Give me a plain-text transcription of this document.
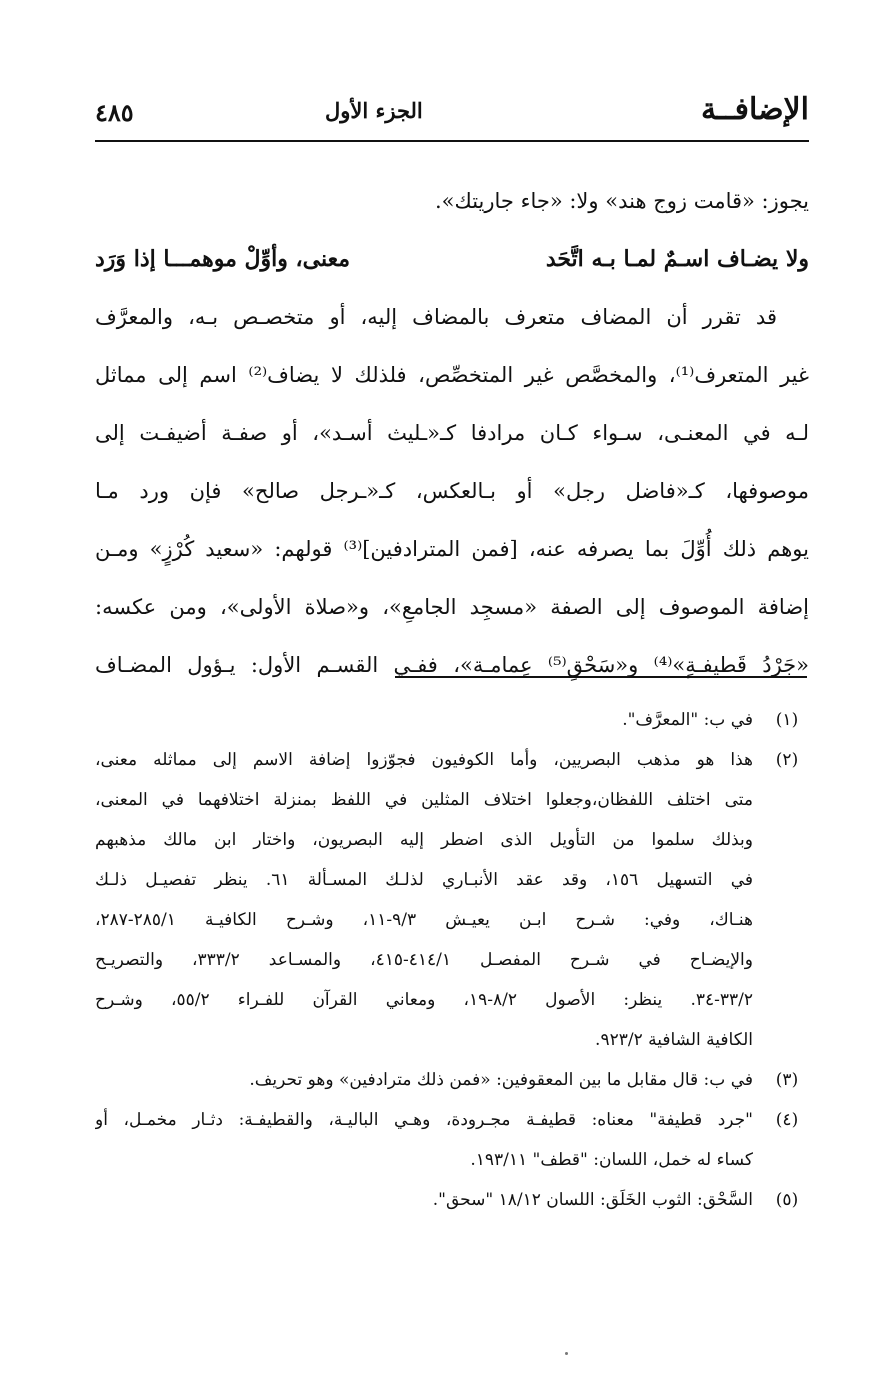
الإضافــة
الجزء الأول
٤٨٥
يجوز: «قامت زوج هند» ولا: «جاء جاريتك».
ولا يضـاف اسـمٌ لمـا بـه اتَّحَد
معنى، وأوِّلْ موهمـــا إذا وَرَد
قد تقرر أن المضاف متعرف بالمضاف إليه، أو متخصـص بـه، والمعرَّف
غير المتعرف⁽¹⁾، والمخصَّص غير المتخصِّص، فلذلك لا يضاف⁽²⁾ اسم إلى مماثل
لـه في المعنـى، سـواء كـان مرادفا كـ«ـليث أسـد»، أو صفـة أضيفـت إلى
موصوفها، كـ«فاضل رجل» أو بـالعكس، كـ«ـرجل صالح» فإن ورد مـا
يوهم ذلك أُوِّلَ بما يصرفه عنه، [فمن المترادفين]⁽³⁾ قولهم: «سعيد كُرْزٍ» ومـن
إضافة الموصوف إلى الصفة «مسجِد الجامعِ»، و«صلاة الأولى»، ومن عكسه:
«جَرْدُ قَطيفـةٍ»⁽⁴⁾ و«سَحْقِ⁽⁵⁾ عِمامـة»، ففـي القسـم الأول: يـؤول المضـاف
(١)
في ب: "المعرَّف".
(٢)
هذا هو مذهب البصريين، وأما الكوفيون فجوّزوا إضافة الاسم إلى مماثله معنى،
متى اختلف اللفظان،وجعلوا اختلاف المثلين في اللفظ بمنزلة اختلافهما في المعنى،
وبذلك سلموا من التأويل الذى اضطر إليه البصريون، واختار ابن مالك مذهبهم
في التسهيل ١٥٦، وقد عقد الأنبـاري لذلـك المسـألة ٦١. ينظر تفصيـل ذلـك
هنـاك، وفي: شـرح ابـن يعيـش ٩/٣-١١، وشـرح الكافيـة ٢٨٥/١-٢٨٧،
والإيضـاح في شـرح المفصـل ٤١٤/١-٤١٥، والمسـاعد ٣٣٣/٢، والتصريـح
٣٣/٢-٣٤. ينظر: الأصول ٨/٢-١٩، ومعاني القرآن للفـراء ٥٥/٢، وشـرح
الكافية الشافية ٩٢٣/٢.
(٣)
في ب: قال مقابل ما بين المعقوفين: «فمن ذلك مترادفين» وهو تحريف.
(٤)
"جرد قطيفة" معناه: قطيفـة مجـرودة، وهـي الباليـة، والقطيفـة: دثـار مخمـل، أو
كساء له خمل، اللسان: "قطف" ١٩٣/١١.
(٥)
السَّحْق: الثوب الخَلَق: اللسان ١٨/١٢ "سحق".
